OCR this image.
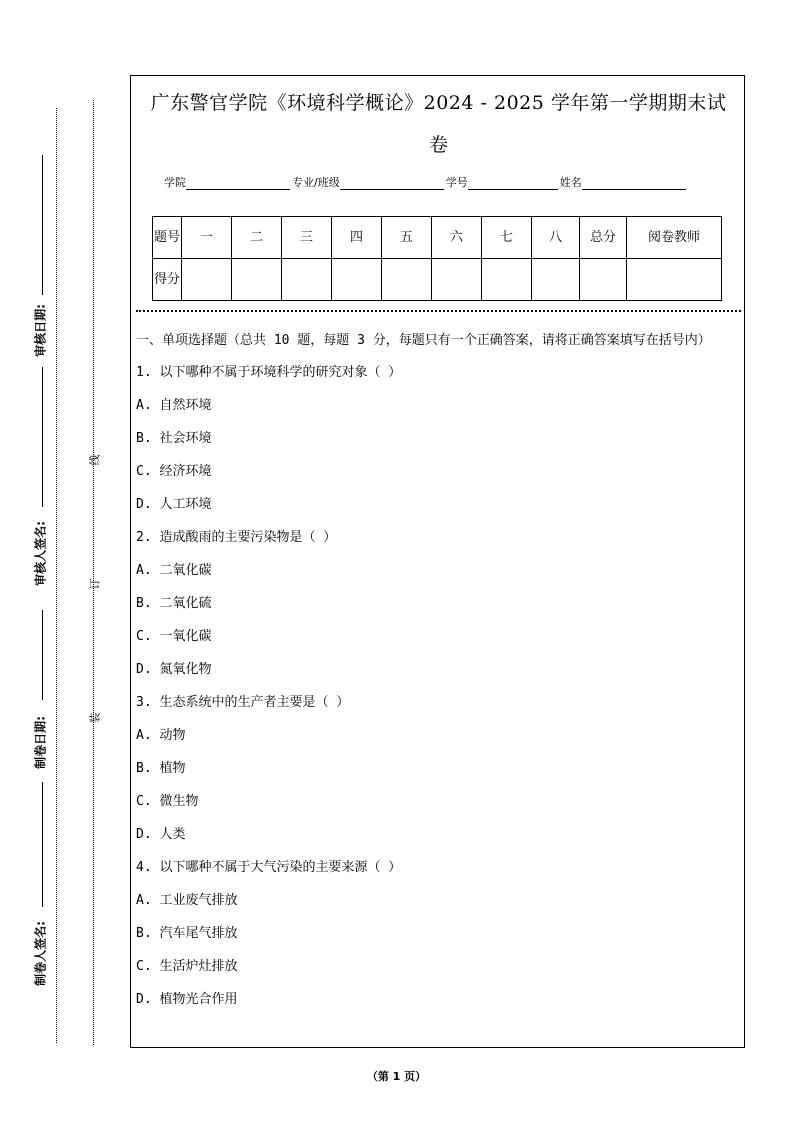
审核日期:
审核人签名:
制卷日期:
制卷人签名:
线
订
装
广东警官学院《环境科学概论》2024 - 2025 学年第一学期期末试
卷
学院	专业/班级	学号	姓名
题号	一	二	三	四	五	六	七	八	总分	阅卷教师
得分										
一、单项选择题（总共 10 题，每题 3 分，每题只有一个正确答案，请将正确答案填写在括号内）
1. 以下哪种不属于环境科学的研究对象（ ）
A. 自然环境
B. 社会环境
C. 经济环境
D. 人工环境
2. 造成酸雨的主要污染物是（ ）
A. 二氧化碳
B. 二氧化硫
C. 一氧化碳
D. 氮氧化物
3. 生态系统中的生产者主要是（ ）
A. 动物
B. 植物
C. 微生物
D. 人类
4. 以下哪种不属于大气污染的主要来源（ ）
A. 工业废气排放
B. 汽车尾气排放
C. 生活炉灶排放
D. 植物光合作用
（第 1 页）
